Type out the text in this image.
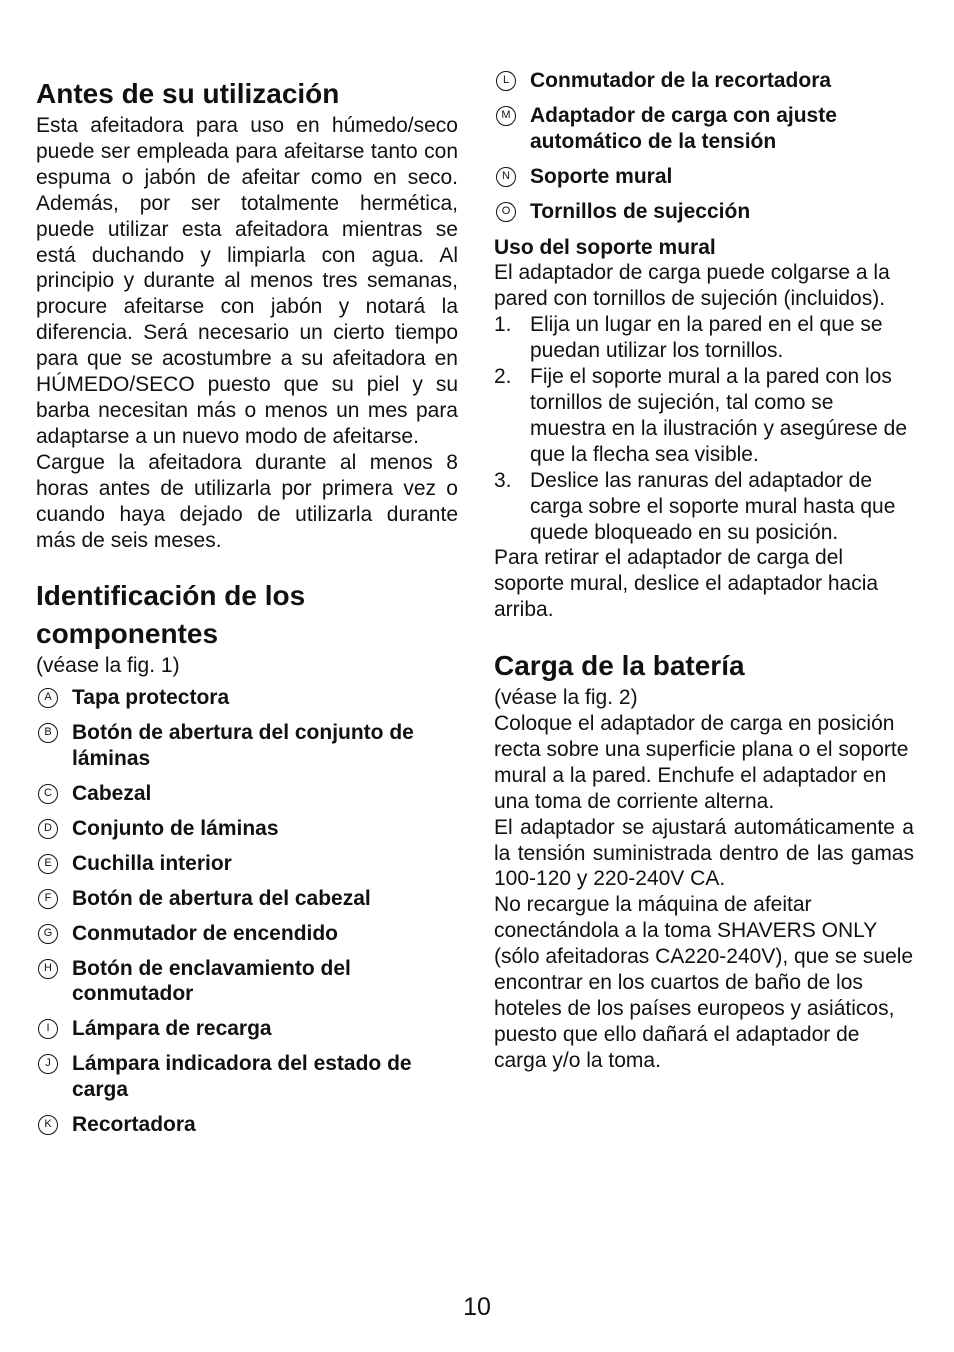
Antes de su utilización

Esta afeitadora para uso en húmedo/seco puede ser empleada para afeitarse tanto con espuma o jabón de afeitar como en seco. Además, por ser totalmente hermética, puede utilizar esta afeitadora mientras se está duchando y limpiarla con agua. Al principio y durante al menos tres semanas, procure afeitarse con jabón y notará la diferencia. Será necesario un cierto tiempo para que se acostumbre a su afeitadora en HÚMEDO/SECO puesto que su piel y su barba necesitan más o menos un mes para adaptarse a un nuevo modo de afeitarse.

Cargue la afeitadora durante al menos 8 horas antes de utilizarla por primera vez o cuando haya dejado de utilizarla durante más de seis meses.

Identificación de los componentes
(véase la fig. 1)
A Tapa protectora
B Botón de abertura del conjunto de láminas
C Cabezal
D Conjunto de láminas
E Cuchilla interior
F Botón de abertura del cabezal
G Conmutador de encendido
H Botón de enclavamiento del conmutador
I	Lámpara de recarga
J	Lámpara indicadora del estado de carga
K Recortadora
L Conmutador de la recortadora
M Adaptador de carga con ajuste automático de la tensión
N Soporte mural
O Tornillos de sujección
Uso del soporte mural

El adaptador de carga puede colgarse a la pared con tornillos de sujeción (incluidos).

1. Elija un lugar en la pared en el que se puedan utilizar los tornillos.
2. Fije el soporte mural a la pared con los tornillos de sujeción, tal como se muestra en la ilustración y asegúrese de que la flecha sea visible.
3. Deslice las ranuras del adaptador de carga sobre el soporte mural hasta que quede bloqueado en su posición.

Para retirar el adaptador de carga del soporte mural, deslice el adaptador hacia arriba.

Carga de la batería
(véase la fig. 2)

Coloque el adaptador de carga en posición recta sobre una superficie plana o el soporte mural a la pared. Enchufe el adaptador en una toma de corriente alterna.

El adaptador se ajustará automáticamente a la tensión suministrada dentro de las gamas 100-120 y 220-240V CA.

No recargue la máquina de afeitar conectándola a la toma SHAVERS ONLY (sólo afeitadoras CA220-240V), que se suele encontrar en los cuartos de baño de los hoteles de los países europeos y asiáticos, puesto que ello dañará el adaptador de carga y/o la toma.

10
